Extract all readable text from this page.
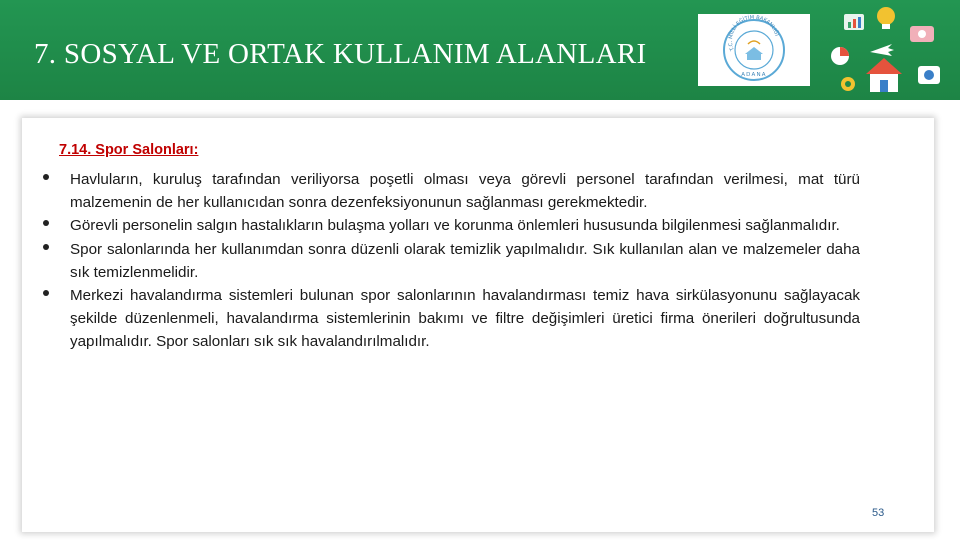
7. SOSYAL VE ORTAK KULLANIM ALANLARI	T.C. MİLLİ EĞİTİM BAKANLIĞI
ADANA
7.14. Spor Salonları:
Havluların, kuruluş tarafından veriliyorsa poşetli olması veya görevli personel tarafından verilmesi, mat türü malzemenin de her kullanıcıdan sonra dezenfeksiyonunun sağlanması gerekmektedir.
Görevli personelin salgın hastalıkların bulaşma yolları ve korunma önlemleri hususunda bilgilenmesi sağlanmalıdır.
Spor salonlarında her kullanımdan sonra düzenli olarak temizlik yapılmalıdır. Sık kullanılan alan ve malzemeler daha sık temizlenmelidir.
Merkezi havalandırma sistemleri bulunan spor salonlarının havalandırması temiz hava sirkülasyonunu sağlayacak şekilde düzenlenmeli, havalandırma sistemlerinin bakımı ve filtre değişimleri üretici firma önerileri doğrultusunda yapılmalıdır. Spor salonları sık sık havalandırılmalıdır.
53
